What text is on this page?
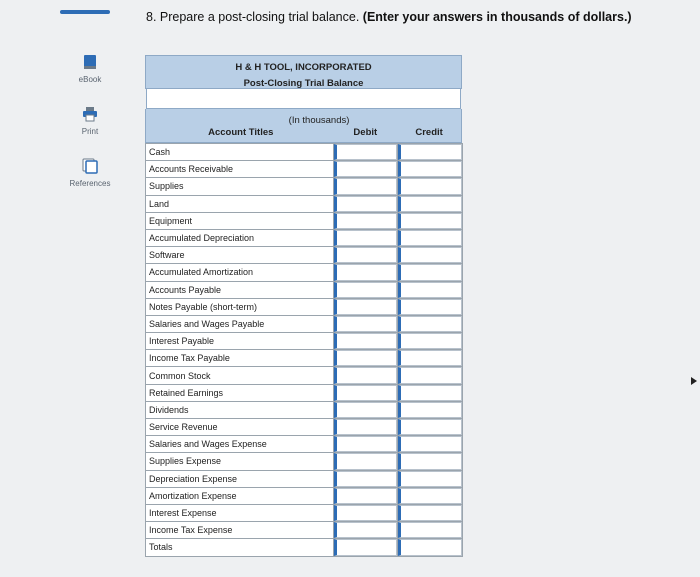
eBook
Print
References
8. Prepare a post-closing trial balance. (Enter your answers in thousands of dollars.)
H & H TOOL, INCORPORATED
Post-Closing Trial Balance
(In thousands)
Account Titles	Debit	Credit
Cash		
Accounts Receivable		
Supplies		
Land		
Equipment		
Accumulated Depreciation		
Software		
Accumulated Amortization		
Accounts Payable		
Notes Payable (short-term)		
Salaries and Wages Payable		
Interest Payable		
Income Tax Payable		
Common Stock		
Retained Earnings		
Dividends		
Service Revenue		
Salaries and Wages Expense		
Supplies Expense		
Depreciation Expense		
Amortization Expense		
Interest Expense		
Income Tax Expense		
Totals		
